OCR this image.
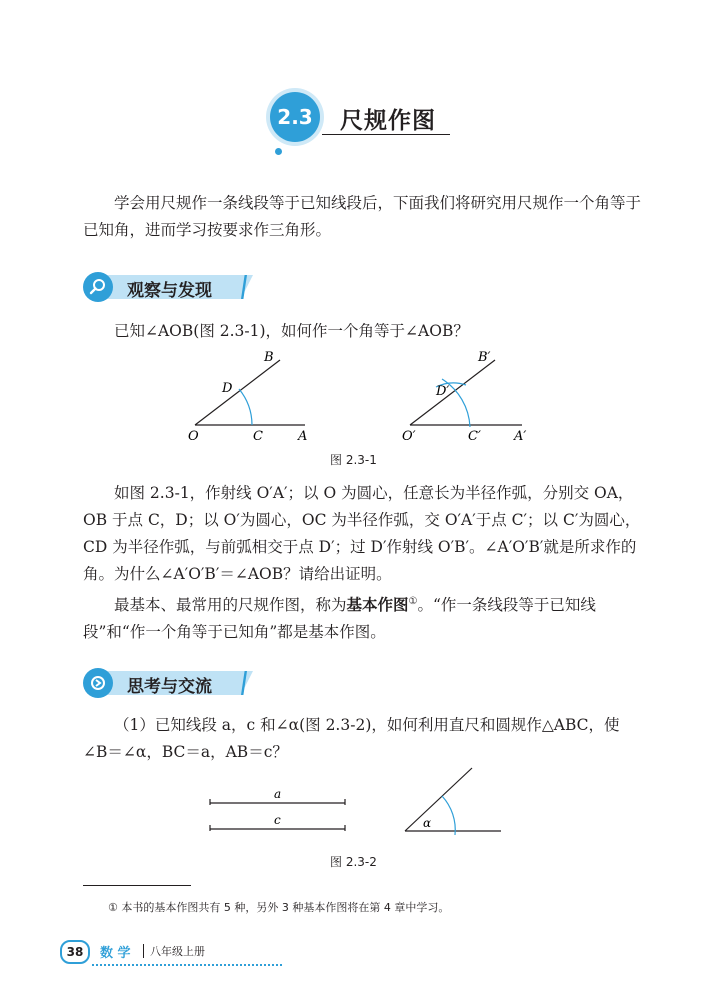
2.3	尺规作图
学会用尺规作一条线段等于已知线段后，下面我们将研究用尺规作一个角等于已知角，进而学习按要求作三角形。
观察与发现
已知∠AOB(图 2.3-1)，如何作一个角等于∠AOB？
B
D
O	C	A
B′
D′
O′	C′	A′
图 2.3-1
如图 2.3-1，作射线 O′A′；以 O 为圆心，任意长为半径作弧，分别交 OA，OB 于点 C，D；以 O′为圆心，OC 为半径作弧，交 O′A′于点 C′；以 C′为圆心，CD 为半径作弧，与前弧相交于点 D′；过 D′作射线 O′B′。∠A′O′B′就是所求作的角。 为什么∠A′O′B′＝∠AOB？请给出证明。
最基本、最常用的尺规作图，称为基本作图①。“作一条线段等于已知线段”和“作一个角等于已知角”都是基本作图。
思考与交流
（1）已知线段 a，c 和∠α(图 2.3-2)，如何利用直尺和圆规作△ABC，使∠B＝∠α，BC＝a，AB＝c？
a
c	α
图 2.3-2
① 本书的基本作图共有 5 种，另外 3 种基本作图将在第 4 章中学习。
38	数 学 八年级上册
